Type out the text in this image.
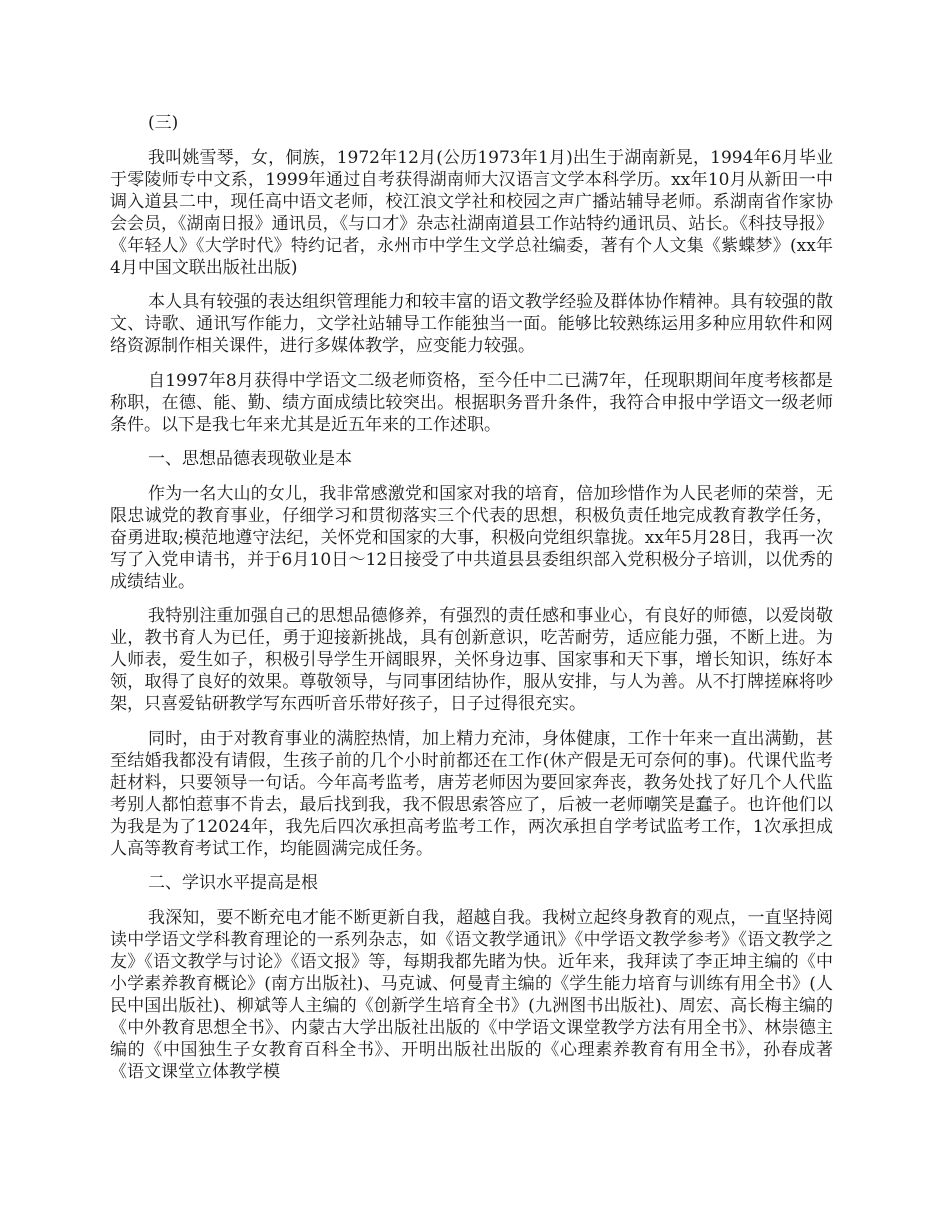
(三)

我叫姚雪琴，女，侗族，1972年12月(公历1973年1月)出生于湖南新晃，1994年6月毕业于零陵师专中文系，1999年通过自考获得湖南师大汉语言文学本科学历。xx年10月从新田一中调入道县二中，现任高中语文老师，校江浪文学社和校园之声广播站辅导老师。系湖南省作家协会会员，《湖南日报》通讯员，《与口才》杂志社湖南道县工作站特约通讯员、站长。《科技导报》《年轻人》《大学时代》特约记者，永州市中学生文学总社编委，著有个人文集《紫蝶梦》(xx年4月中国文联出版社出版)

本人具有较强的表达组织管理能力和较丰富的语文教学经验及群体协作精神。具有较强的散文、诗歌、通讯写作能力，文学社站辅导工作能独当一面。能够比较熟练运用多种应用软件和网络资源制作相关课件，进行多媒体教学，应变能力较强。

自1997年8月获得中学语文二级老师资格，至今任中二已满7年，任现职期间年度考核都是称职，在德、能、勤、绩方面成绩比较突出。根据职务晋升条件，我符合申报中学语文一级老师条件。以下是我七年来尤其是近五年来的工作述职。

一、思想品德表现敬业是本

作为一名大山的女儿，我非常感激党和国家对我的培育，倍加珍惜作为人民老师的荣誉，无限忠诚党的教育事业，仔细学习和贯彻落实三个代表的思想，积极负责任地完成教育教学任务，奋勇进取;模范地遵守法纪，关怀党和国家的大事，积极向党组织靠拢。xx年5月28日，我再一次写了入党申请书，并于6月10日～12日接受了中共道县县委组织部入党积极分子培训，以优秀的成绩结业。

我特别注重加强自己的思想品德修养，有强烈的责任感和事业心，有良好的师德，以爱岗敬业，教书育人为已任，勇于迎接新挑战，具有创新意识，吃苦耐劳，适应能力强，不断上进。为人师表，爱生如子，积极引导学生开阔眼界，关怀身边事、国家事和天下事，增长知识，练好本领，取得了良好的效果。尊敬领导，与同事团结协作，服从安排，与人为善。从不打牌搓麻将吵架，只喜爱钻研教学写东西听音乐带好孩子，日子过得很充实。

同时，由于对教育事业的满腔热情，加上精力充沛，身体健康，工作十年来一直出满勤，甚至结婚我都没有请假，生孩子前的几个小时前都还在工作(休产假是无可奈何的事)。代课代监考赶材料，只要领导一句话。今年高考监考，唐芳老师因为要回家奔丧，教务处找了好几个人代监考别人都怕惹事不肯去，最后找到我，我不假思索答应了，后被一老师嘲笑是蠢子。也许他们以为我是为了12024年，我先后四次承担高考监考工作，两次承担自学考试监考工作，1次承担成人高等教育考试工作，均能圆满完成任务。

二、学识水平提高是根

我深知，要不断充电才能不断更新自我，超越自我。我树立起终身教育的观点，一直坚持阅读中学语文学科教育理论的一系列杂志，如《语文教学通讯》《中学语文教学参考》《语文教学之友》《语文教学与讨论》《语文报》等，每期我都先睹为快。近年来，我拜读了李正坤主编的《中小学素养教育概论》(南方出版社)、马克诚、何曼青主编的《学生能力培育与训练有用全书》(人民中国出版社)、柳斌等人主编的《创新学生培育全书》(九洲图书出版社)、周宏、高长梅主编的《中外教育思想全书》、内蒙古大学出版社出版的《中学语文课堂教学方法有用全书》、林崇德主编的《中国独生子女教育百科全书》、开明出版社出版的《心理素养教育有用全书》，孙春成著《语文课堂立体教学模
